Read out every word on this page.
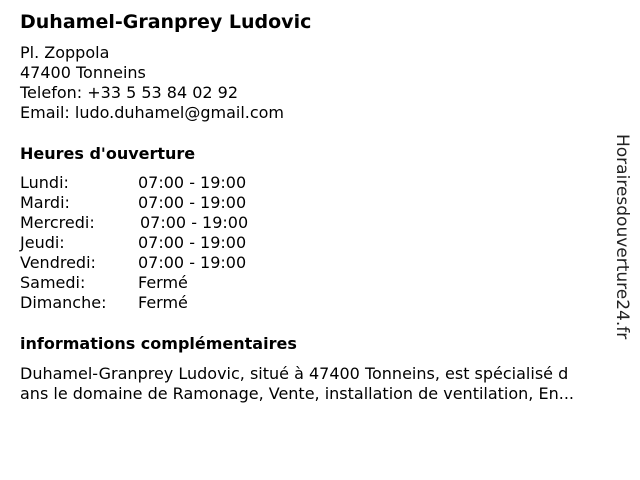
Duhamel-Granprey Ludovic
Pl. Zoppola
47400 Tonneins
Telefon: +33 5 53 84 02 92
Email: ludo.duhamel@gmail.com
Heures d'ouverture
Lundi:	07:00 - 19:00
Mardi:	07:00 - 19:00
Mercredi:	07:00 - 19:00
Jeudi:	07:00 - 19:00
Vendredi:	07:00 - 19:00
Samedi:	Fermé
Dimanche: Fermé
informations complémentaires
Duhamel-Granprey Ludovic, situé à 47400 Tonneins, est spécialisé d
ans le domaine de Ramonage, Vente, installation de ventilation, En...
Horairesdouverture24.fr
